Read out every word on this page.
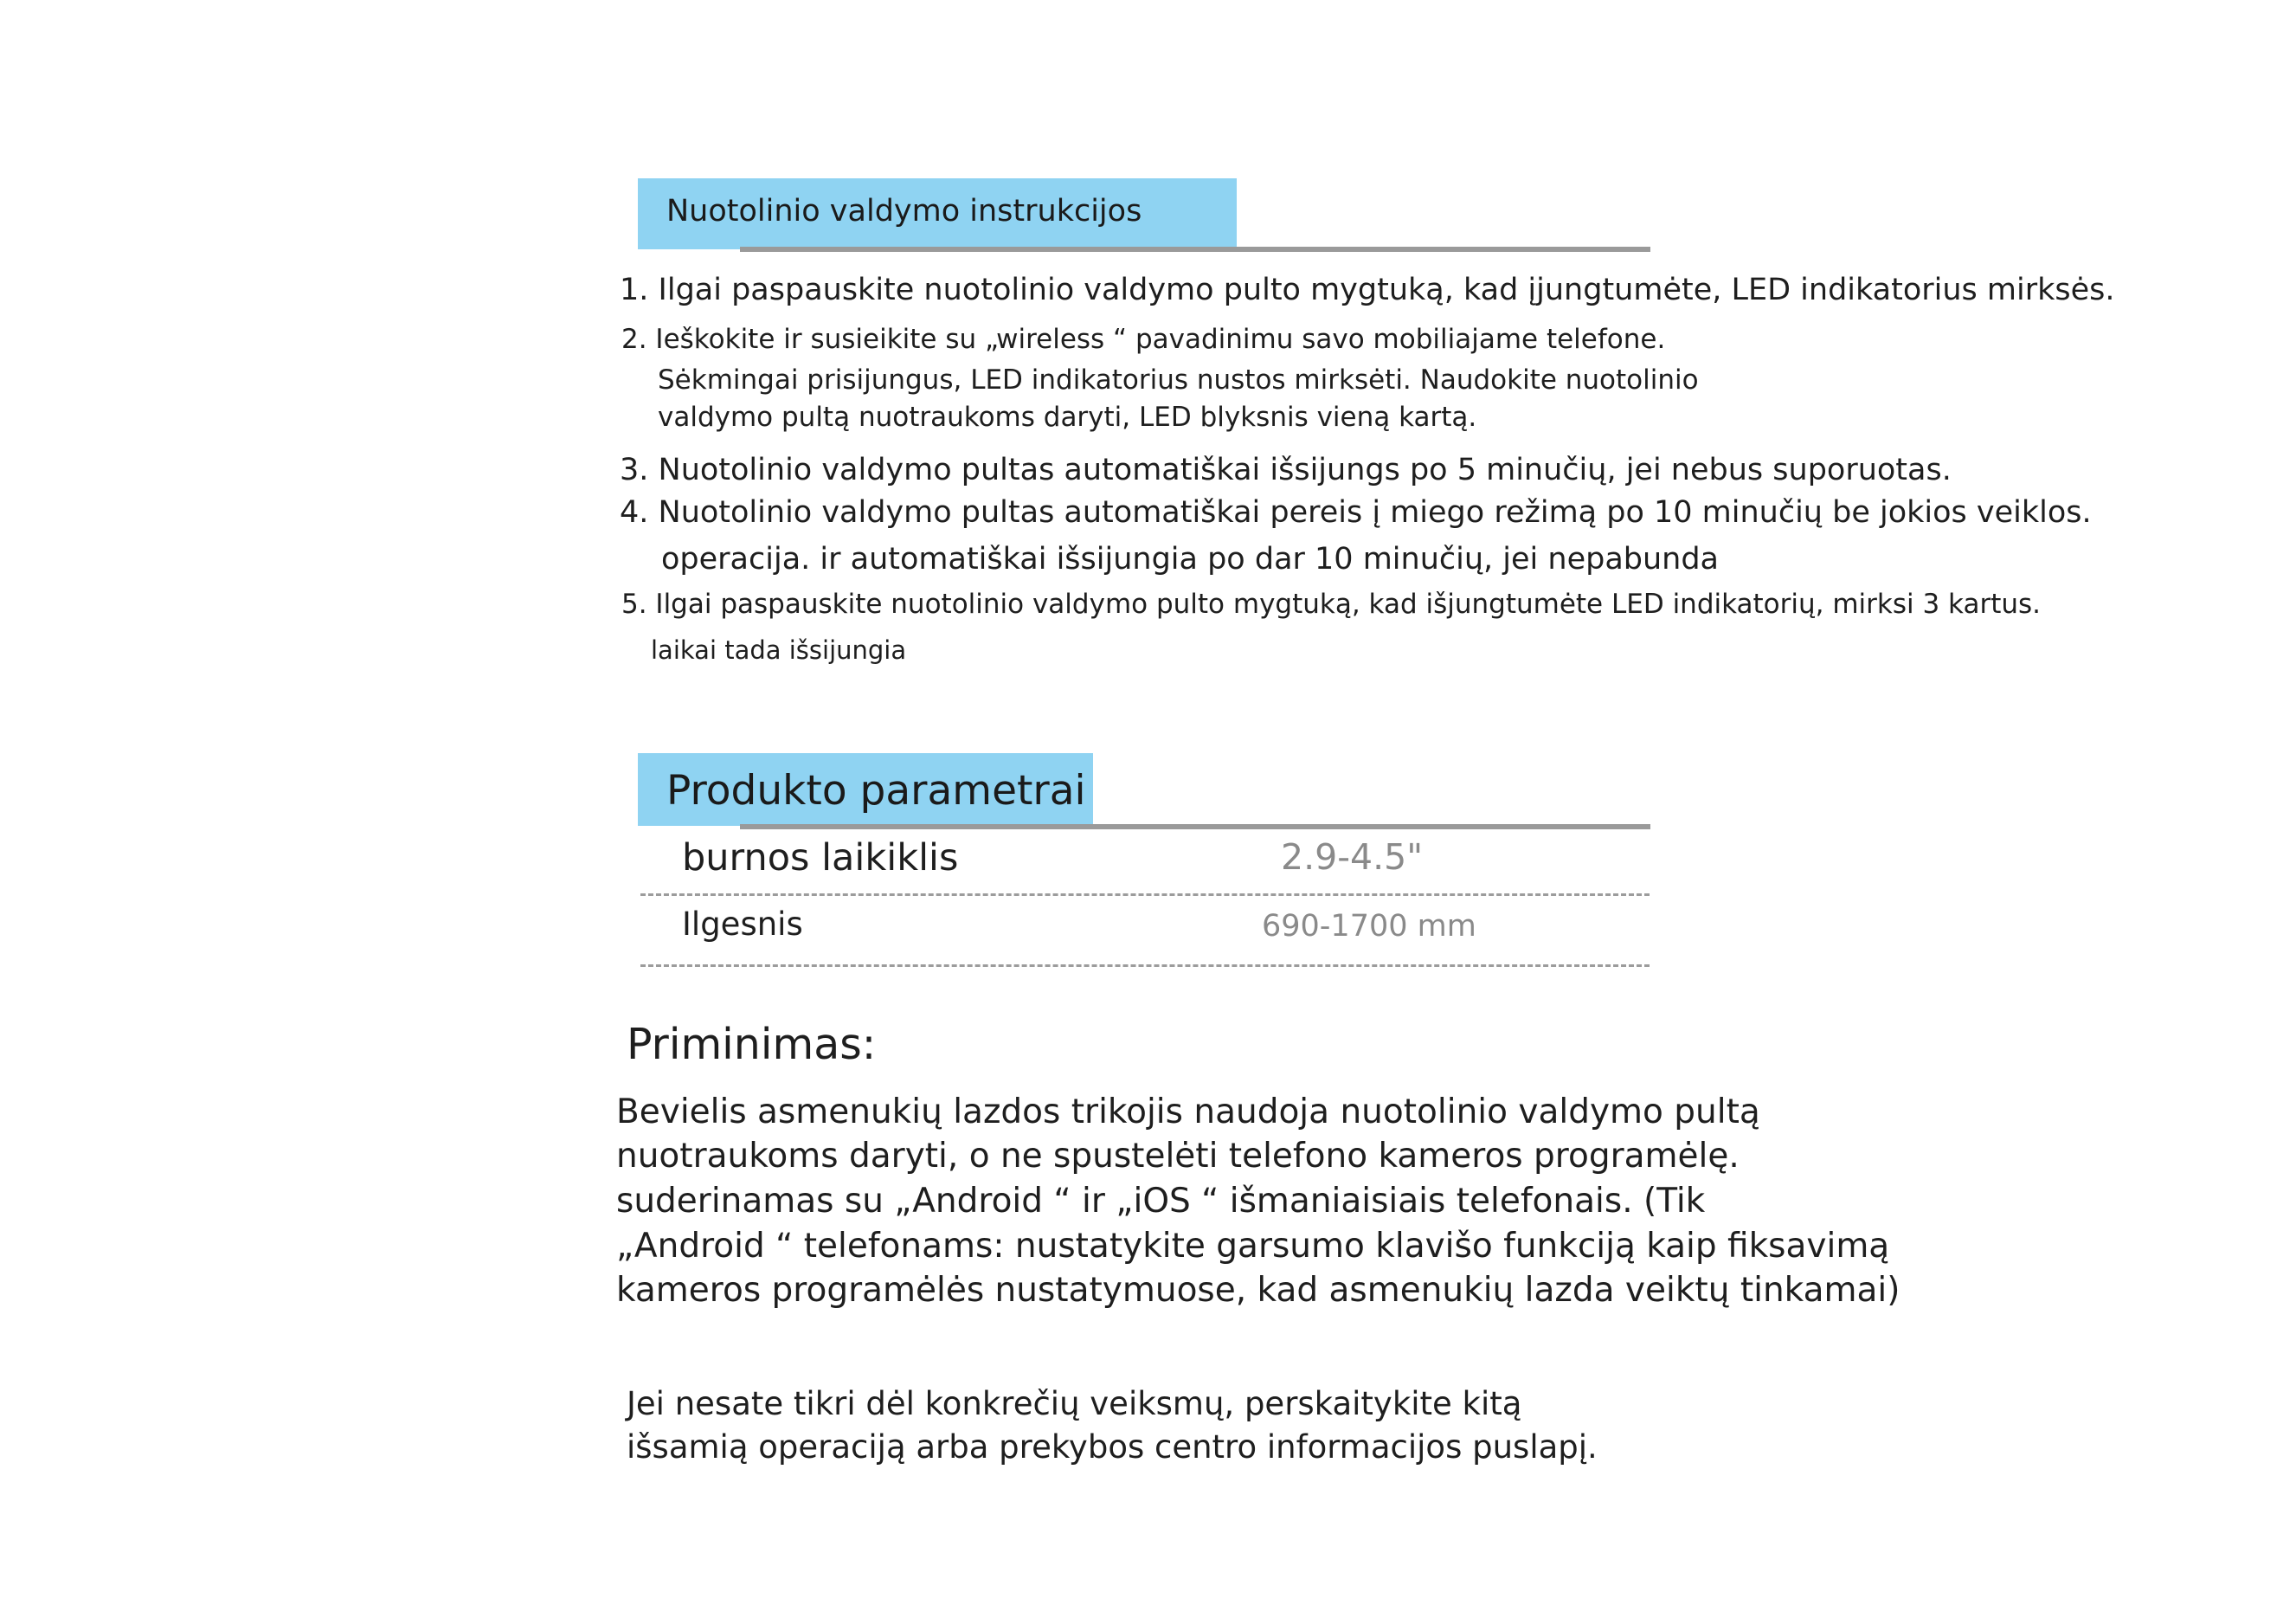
Nuotolinio valdymo instrukcijos
1. Ilgai paspauskite nuotolinio valdymo pulto mygtuką, kad įjungtumėte, LED indikatorius mirksės.
2. Ieškokite ir susieikite su „wireless “ pavadinimu savo mobiliajame telefone.
Sėkmingai prisijungus, LED indikatorius nustos mirksėti. Naudokite nuotolinio
valdymo pultą nuotraukoms daryti, LED blyksnis vieną kartą.
3. Nuotolinio valdymo pultas automatiškai išsijungs po 5 minučių, jei nebus suporuotas.
4. Nuotolinio valdymo pultas automatiškai pereis į miego režimą po 10 minučių be jokios veiklos.
operacija. ir automatiškai išsijungia po dar 10 minučių, jei nepabunda
5. Ilgai paspauskite nuotolinio valdymo pulto mygtuką, kad išjungtumėte LED indikatorių, mirksi 3 kartus.
laikai tada išsijungia
Produkto parametrai
burnos laikiklis	2.9-4.5"
Ilgesnis	690-1700 mm
Priminimas:
Bevielis asmenukių lazdos trikojis naudoja nuotolinio valdymo pultą
nuotraukoms daryti, o ne spustelėti telefono kameros programėlę.
suderinamas su „Android “ ir „iOS “ išmaniaisiais telefonais. (Tik
„Android “ telefonams: nustatykite garsumo klavišo funkciją kaip fiksavimą
kameros programėlės nustatymuose, kad asmenukių lazda veiktų tinkamai)
Jei nesate tikri dėl konkrečių veiksmų, perskaitykite kitą
išsamią operaciją arba prekybos centro informacijos puslapį.
